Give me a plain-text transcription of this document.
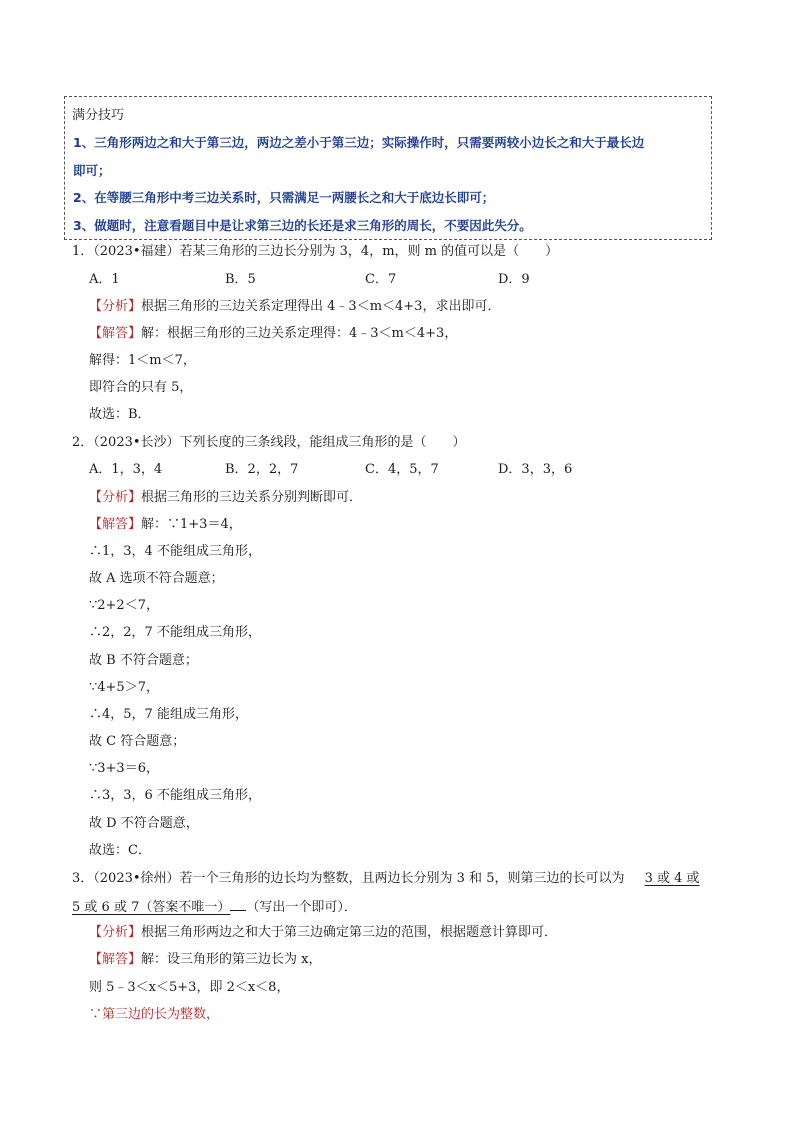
满分技巧
1、三角形两边之和大于第三边，两边之差小于第三边；实际操作时，只需要两较小边长之和大于最长边
即可；
2、在等腰三角形中考三边关系时，只需满足一两腰长之和大于底边长即可；
3、做题时，注意看题目中是让求第三边的长还是求三角形的周长，不要因此失分。
1．（2023•福建）若某三角形的三边长分别为 3，4，m，则 m 的值可以是（　　）
A．1	B．5	C．7	D．9
【分析】根据三角形的三边关系定理得出 4﹣3＜m＜4+3，求出即可．
【解答】解：根据三角形的三边关系定理得：4﹣3＜m＜4+3，
解得：1＜m＜7，
即符合的只有 5，
故选：B．
2．（2023•长沙）下列长度的三条线段，能组成三角形的是（　　）
A．1，3，4	B．2，2，7	C．4，5，7	D．3，3，6
【分析】根据三角形的三边关系分别判断即可．
【解答】解：∵1+3＝4，
∴1，3，4 不能组成三角形，
故 A 选项不符合题意；
∵2+2＜7，
∴2，2，7 不能组成三角形，
故 B 不符合题意；
∵4+5＞7，
∴4，5，7 能组成三角形，
故 C 符合题意；
∵3+3＝6，
∴3，3，6 不能组成三角形，
故 D 不符合题意，
故选：C．
3．（2023•徐州）若一个三角形的边长均为整数，且两边长分别为 3 和 5，则第三边的长可以为 3 或 4 或
5 或 6 或 7（答案不唯一） （写出一个即可）．
【分析】根据三角形两边之和大于第三边确定第三边的范围，根据题意计算即可．
【解答】解：设三角形的第三边长为 x，
则 5﹣3＜x＜5+3，即 2＜x＜8，
∵第三边的长为整数，
